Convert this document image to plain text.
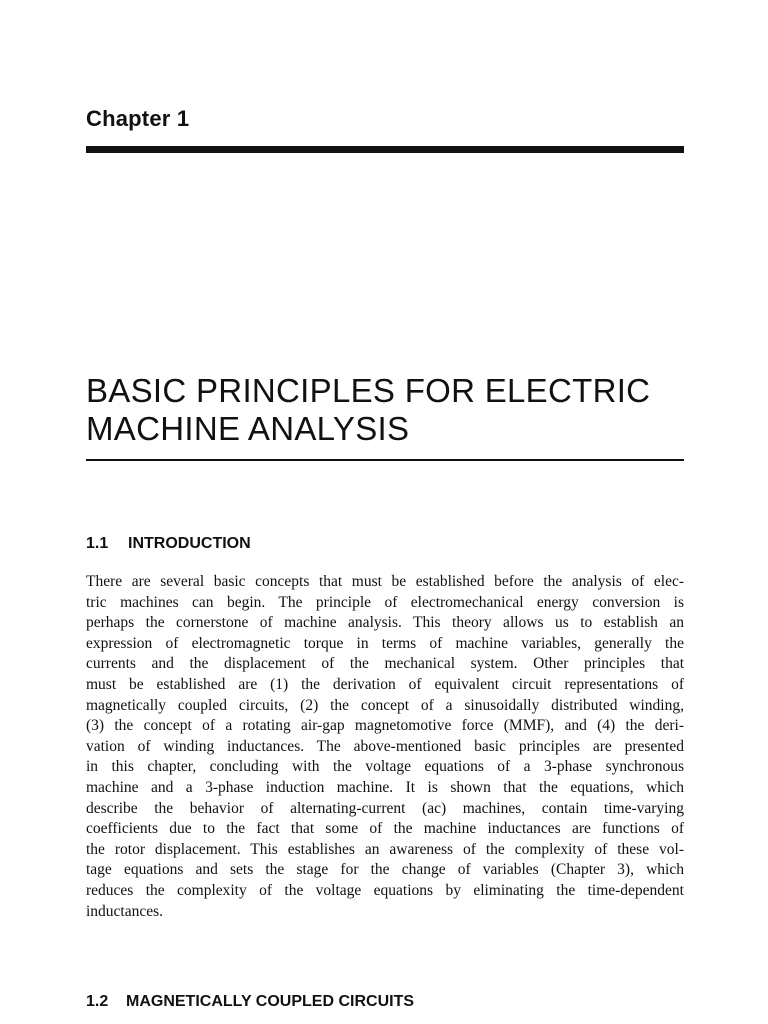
Chapter 1
BASIC PRINCIPLES FOR ELECTRIC
MACHINE ANALYSIS
1.1 INTRODUCTION
There are several basic concepts that must be established before the analysis of elec-
tric machines can begin. The principle of electromechanical energy conversion is
perhaps the cornerstone of machine analysis. This theory allows us to establish an
expression of electromagnetic torque in terms of machine variables, generally the
currents and the displacement of the mechanical system. Other principles that
must be established are (1) the derivation of equivalent circuit representations of
magnetically coupled circuits, (2) the concept of a sinusoidally distributed winding,
(3) the concept of a rotating air-gap magnetomotive force (MMF), and (4) the deri-
vation of winding inductances. The above-mentioned basic principles are presented
in this chapter, concluding with the voltage equations of a 3-phase synchronous
machine and a 3-phase induction machine. It is shown that the equations, which
describe the behavior of alternating-current (ac) machines, contain time-varying
coefficients due to the fact that some of the machine inductances are functions of
the rotor displacement. This establishes an awareness of the complexity of these vol-
tage equations and sets the stage for the change of variables (Chapter 3), which
reduces the complexity of the voltage equations by eliminating the time-dependent
inductances.
1.2 MAGNETICALLY COUPLED CIRCUITS
